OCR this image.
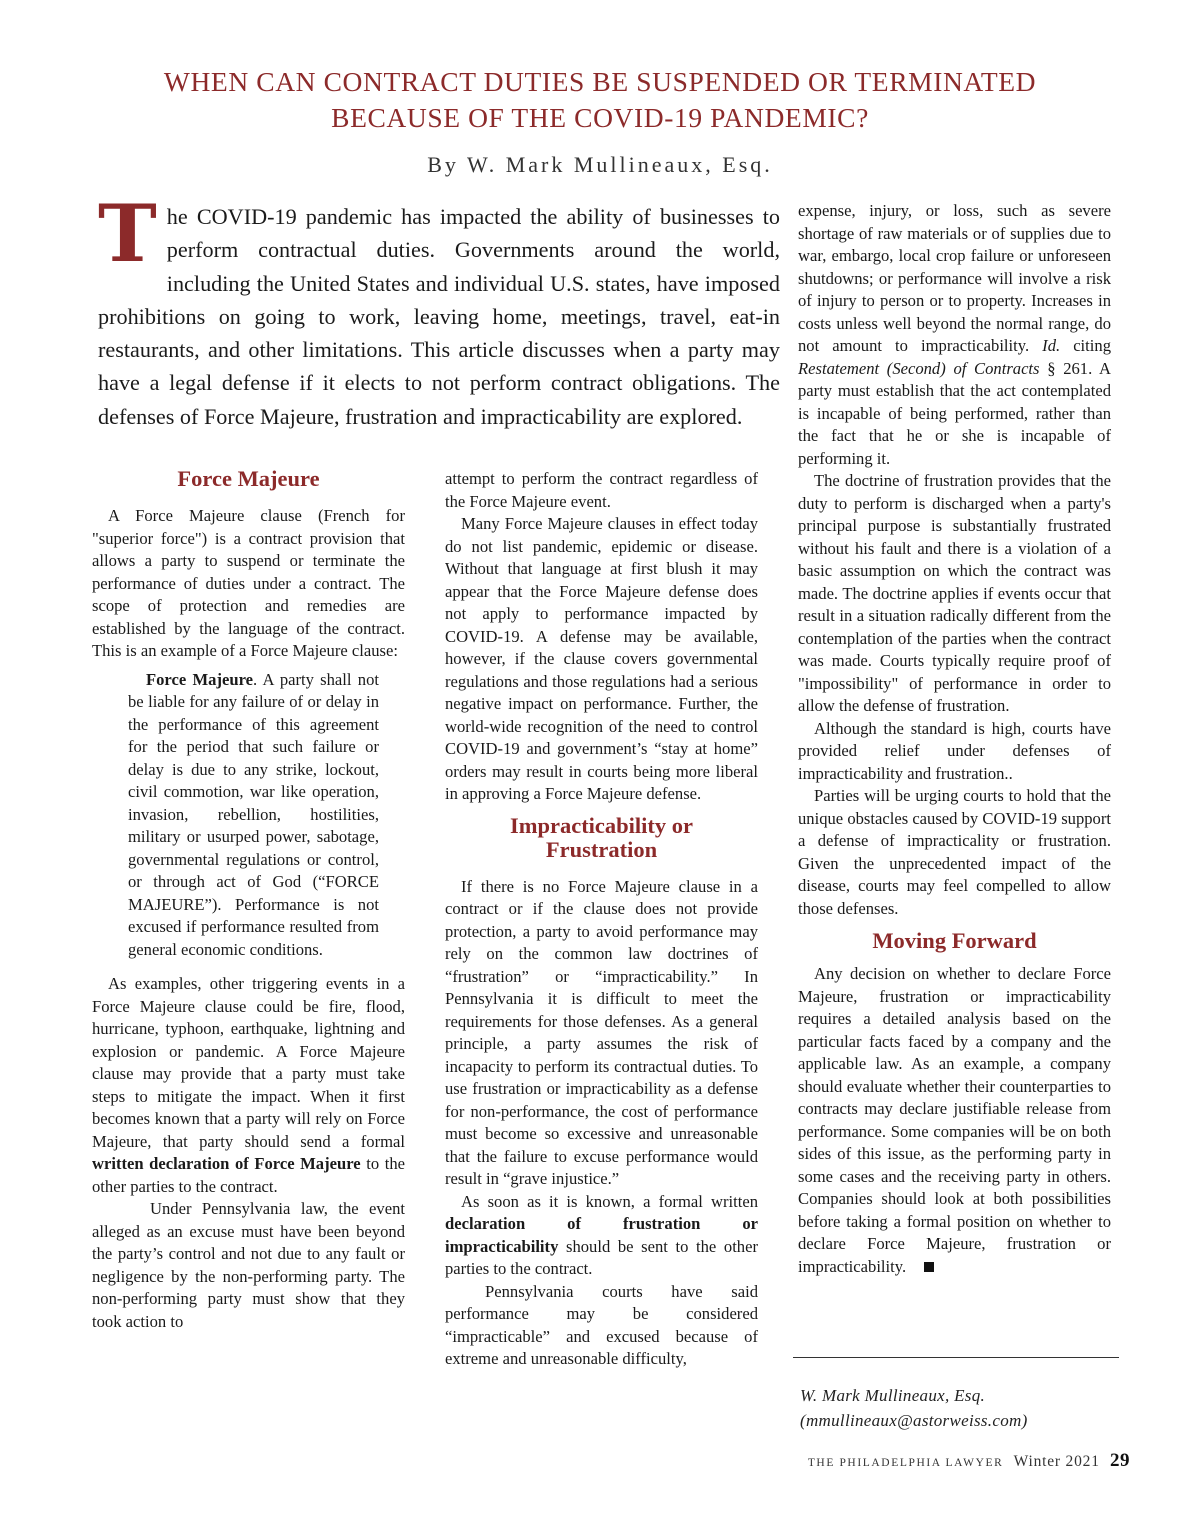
WHEN CAN CONTRACT DUTIES BE SUSPENDED OR TERMINATED
BECAUSE OF THE COVID-19 PANDEMIC?
By W. Mark Mullineaux, Esq.
The COVID-19 pandemic has impacted the ability of businesses to perform contractual duties. Governments around the world, including the United States and individual U.S. states, have imposed prohibitions on going to work, leaving home, meetings, travel, eat-in restaurants, and other limitations. This article discusses when a party may have a legal defense if it elects to not perform contract obligations. The defenses of Force Majeure, frustration and impracticability are explored.
Force Majeure

A Force Majeure clause (French for "superior force") is a contract provision that allows a party to suspend or terminate the performance of duties under a contract. The scope of protection and remedies are established by the language of the contract. This is an example of a Force Majeure clause:

Force Majeure. A party shall not be liable for any failure of or delay in the performance of this agreement for the period that such failure or delay is due to any strike, lockout, civil commotion, war like operation, invasion, rebellion, hostilities, military or usurped power, sabotage, governmental regulations or control, or through act of God (“FORCE MAJEURE”). Performance is not excused if performance resulted from general economic conditions.

As examples, other triggering events in a Force Majeure clause could be fire, flood, hurricane, typhoon, earthquake, lightning and explosion or pandemic. A Force Majeure clause may provide that a party must take steps to mitigate the impact. When it first becomes known that a party will rely on Force Majeure, that party should send a formal written declaration of Force Majeure to the other parties to the contract.

Under Pennsylvania law, the event alleged as an excuse must have been beyond the party’s control and not due to any fault or negligence by the non-performing party. The non-performing party must show that they took action to

attempt to perform the contract regardless of the Force Majeure event.

Many Force Majeure clauses in effect today do not list pandemic, epidemic or disease. Without that language at first blush it may appear that the Force Majeure defense does not apply to performance impacted by COVID-19. A defense may be available, however, if the clause covers governmental regulations and those regulations had a serious negative impact on performance. Further, the world-wide recognition of the need to control COVID-19 and government’s “stay at home” orders may result in courts being more liberal in approving a Force Majeure defense.

Impracticability or
Frustration

If there is no Force Majeure clause in a contract or if the clause does not provide protection, a party to avoid performance may rely on the common law doctrines of “frustration” or “impracticability.” In Pennsylvania it is difficult to meet the requirements for those defenses. As a general principle, a party assumes the risk of incapacity to perform its contractual duties. To use frustration or impracticability as a defense for non-performance, the cost of performance must become so excessive and unreasonable that the failure to excuse performance would result in “grave injustice.”

As soon as it is known, a formal written declaration of frustration or impracticability should be sent to the other parties to the contract.

Pennsylvania courts have said performance may be considered “impracticable” and excused because of extreme and unreasonable difficulty,

expense, injury, or loss, such as severe shortage of raw materials or of supplies due to war, embargo, local crop failure or unforeseen shutdowns; or performance will involve a risk of injury to person or to property. Increases in costs unless well beyond the normal range, do not amount to impracticability. Id. citing Restatement (Second) of Contracts § 261. A party must establish that the act contemplated is incapable of being performed, rather than the fact that he or she is incapable of performing it.

The doctrine of frustration provides that the duty to perform is discharged when a party's principal purpose is substantially frustrated without his fault and there is a violation of a basic assumption on which the contract was made. The doctrine applies if events occur that result in a situation radically different from the contemplation of the parties when the contract was made. Courts typically require proof of "impossibility" of performance in order to allow the defense of frustration.

Although the standard is high, courts have provided relief under defenses of impracticability and frustration..

Parties will be urging courts to hold that the unique obstacles caused by COVID-19 support a defense of impracticality or frustration. Given the unprecedented impact of the disease, courts may feel compelled to allow those defenses.

Moving Forward

Any decision on whether to declare Force Majeure, frustration or impracticability requires a detailed analysis based on the particular facts faced by a company and the applicable law. As an example, a company should evaluate whether their counterparties to contracts may declare justifiable release from performance. Some companies will be on both sides of this issue, as the performing party in some cases and the receiving party in others. Companies should look at both possibilities before taking a formal position on whether to declare Force Majeure, frustration or impracticability.

W. Mark Mullineaux, Esq.
(mmullineaux@astorweiss.com)
THE PHILADELPHIA LAWYER Winter 2021 29
